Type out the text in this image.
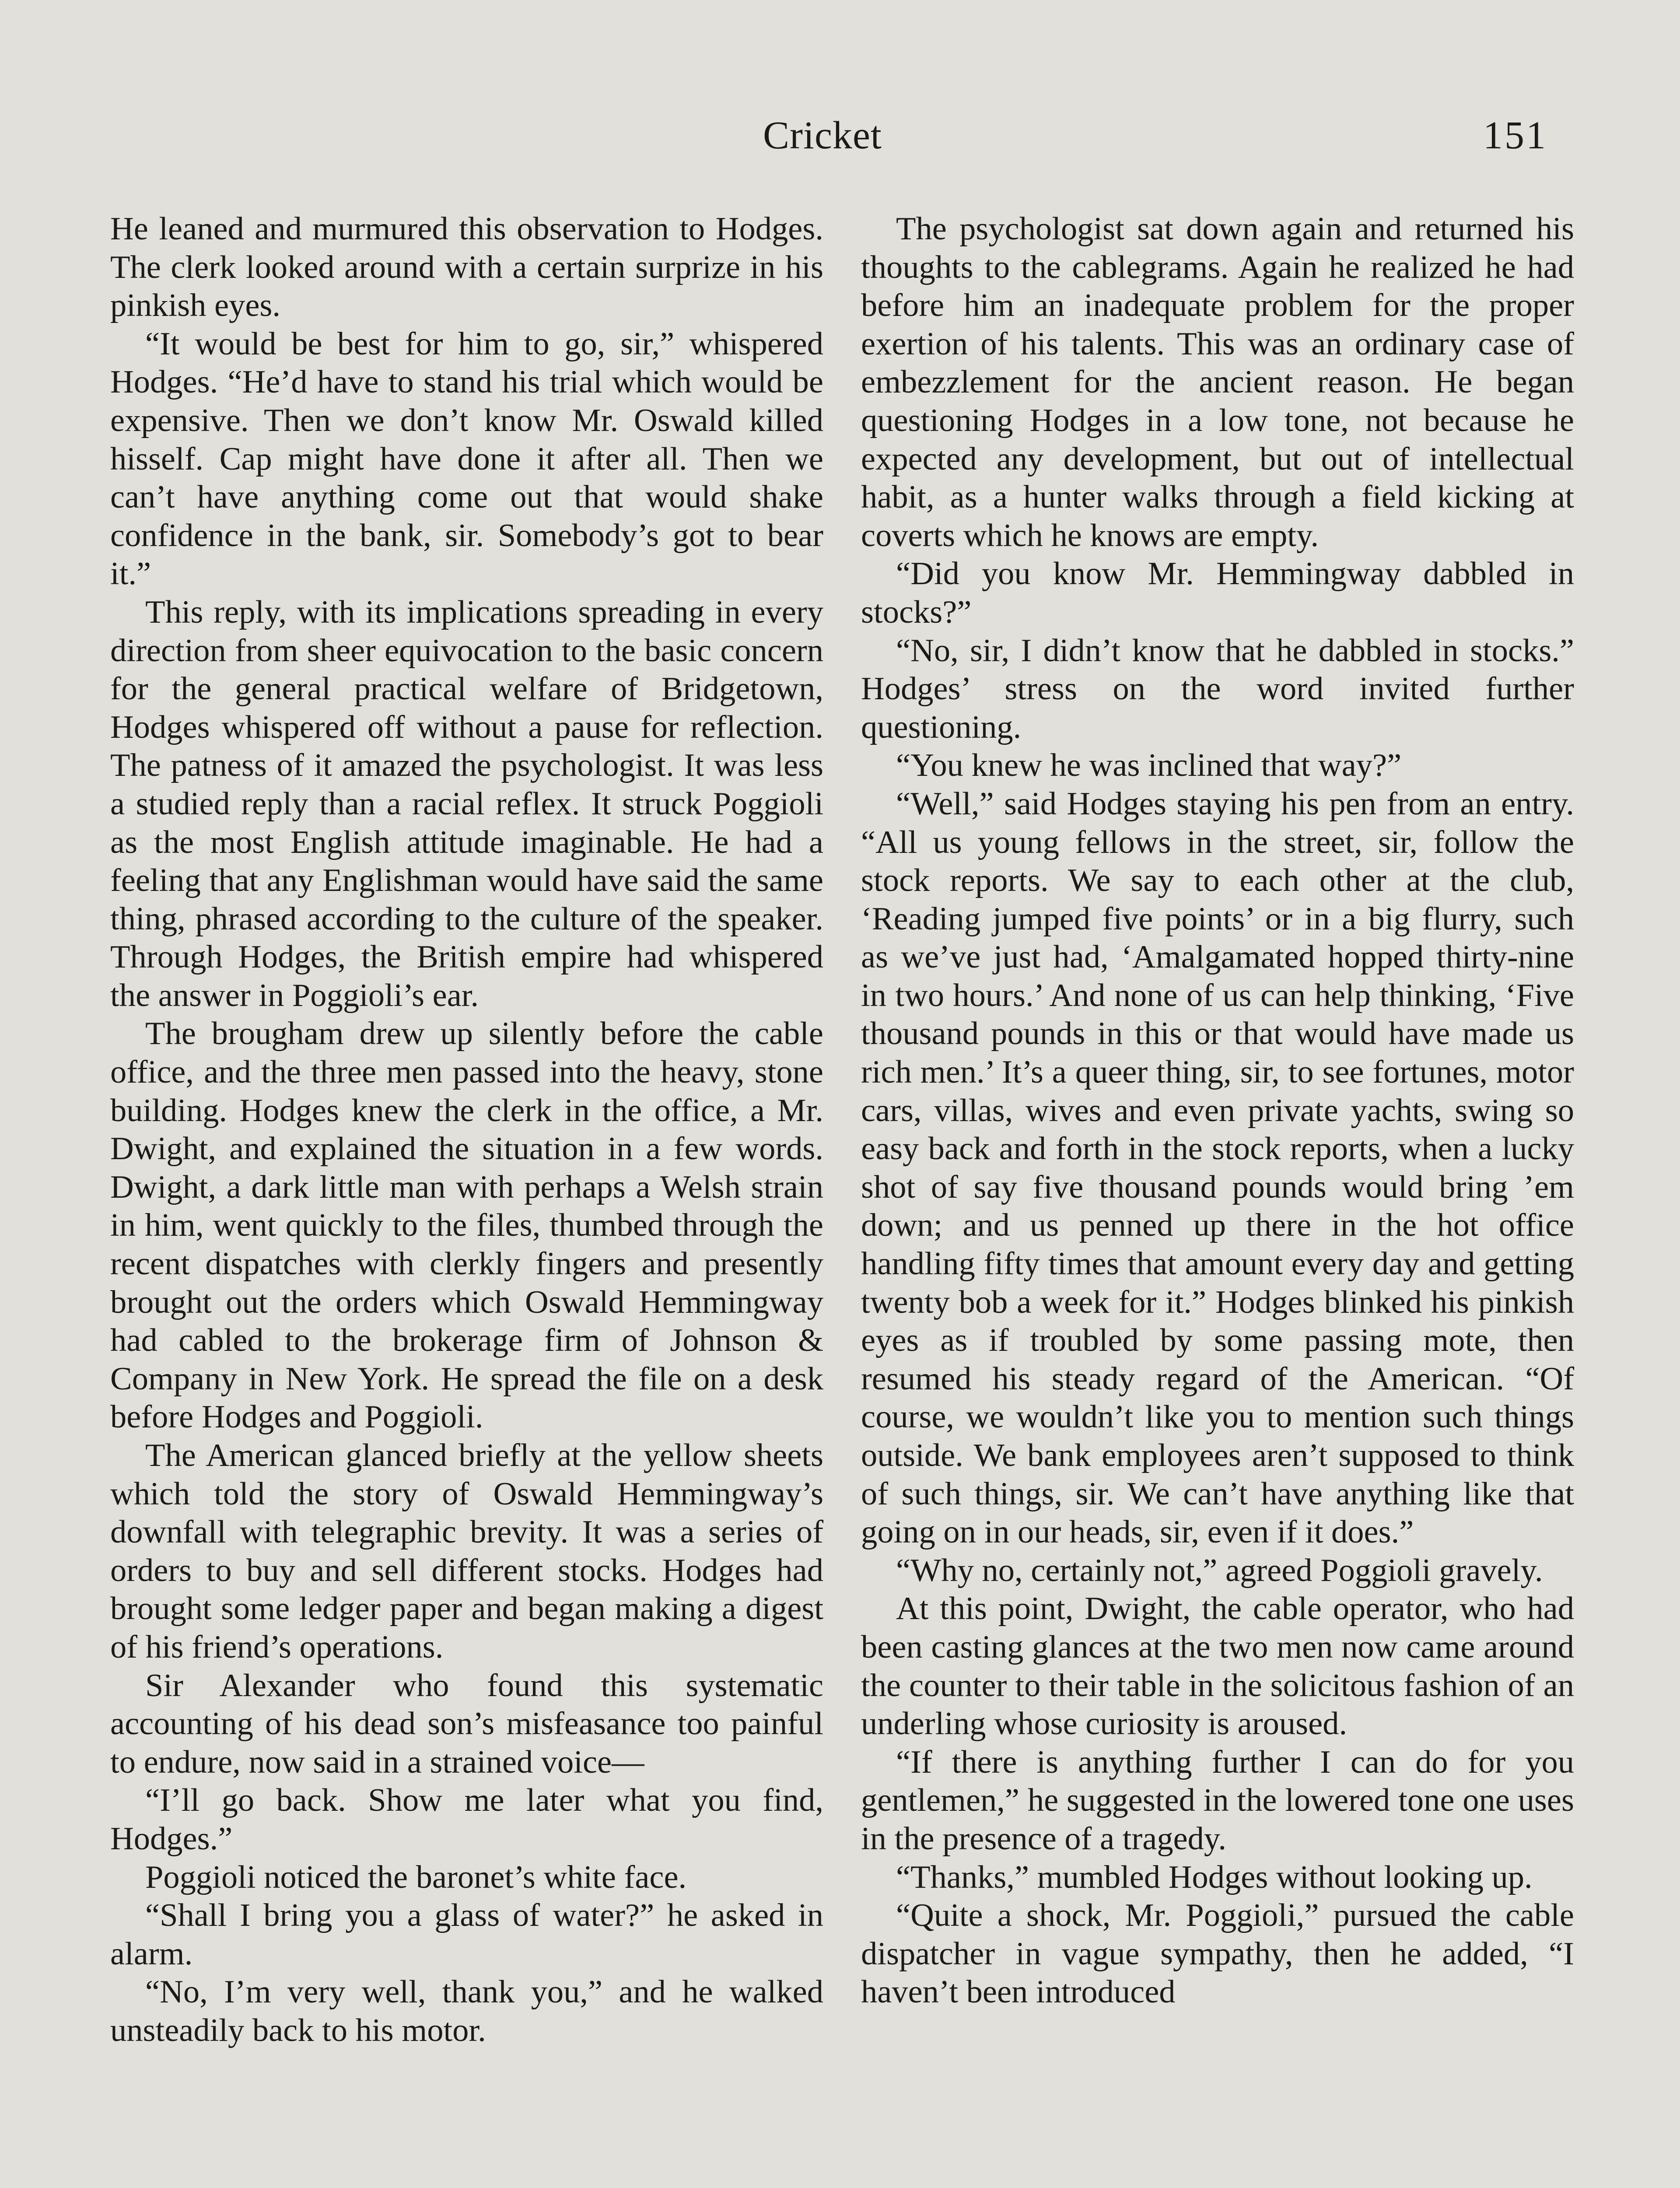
Cricket	151

He leaned and murmured this observation to Hodges. The clerk looked around with a certain surprize in his pinkish eyes.

“It would be best for him to go, sir,” whispered Hodges. “He’d have to stand his trial which would be expensive. Then we don’t know Mr. Oswald killed hisself. Cap might have done it after all. Then we can’t have anything come out that would shake confidence in the bank, sir. Somebody’s got to bear it.”

This reply, with its implications spreading in every direction from sheer equivocation to the basic concern for the general practical welfare of Bridgetown, Hodges whispered off without a pause for reflection. The patness of it amazed the psychologist. It was less a studied reply than a racial reflex. It struck Poggioli as the most English attitude imaginable. He had a feeling that any Englishman would have said the same thing, phrased according to the culture of the speaker. Through Hodges, the British empire had whispered the answer in Poggioli’s ear.

The brougham drew up silently before the cable office, and the three men passed into the heavy, stone building. Hodges knew the clerk in the office, a Mr. Dwight, and explained the situation in a few words. Dwight, a dark little man with perhaps a Welsh strain in him, went quickly to the files, thumbed through the recent dispatches with clerkly fingers and presently brought out the orders which Oswald Hemmingway had cabled to the brokerage firm of Johnson & Company in New York. He spread the file on a desk before Hodges and Poggioli.

The American glanced briefly at the yellow sheets which told the story of Oswald Hemmingway’s downfall with telegraphic brevity. It was a series of orders to buy and sell different stocks. Hodges had brought some ledger paper and began making a digest of his friend’s operations.

Sir Alexander who found this systematic accounting of his dead son’s misfeasance too painful to endure, now said in a strained voice—

“I’ll go back. Show me later what you find, Hodges.”

Poggioli noticed the baronet’s white face.

“Shall I bring you a glass of water?” he asked in alarm.

“No, I’m very well, thank you,” and he walked unsteadily back to his motor.

The psychologist sat down again and returned his thoughts to the cablegrams. Again he realized he had before him an inadequate problem for the proper exertion of his talents. This was an ordinary case of embezzlement for the ancient reason. He began questioning Hodges in a low tone, not because he expected any development, but out of intellectual habit, as a hunter walks through a field kicking at coverts which he knows are empty.

“Did you know Mr. Hemmingway dabbled in stocks?”

“No, sir, I didn’t know that he dabbled in stocks.” Hodges’ stress on the word invited further questioning.

“You knew he was inclined that way?”

“Well,” said Hodges staying his pen from an entry. “All us young fellows in the street, sir, follow the stock reports. We say to each other at the club, ‘Reading jumped five points’ or in a big flurry, such as we’ve just had, ‘Amalgamated hopped thirty-nine in two hours.’ And none of us can help thinking, ‘Five thousand pounds in this or that would have made us rich men.’ It’s a queer thing, sir, to see fortunes, motor cars, villas, wives and even private yachts, swing so easy back and forth in the stock reports, when a lucky shot of say five thousand pounds would bring ’em down; and us penned up there in the hot office handling fifty times that amount every day and getting twenty bob a week for it.” Hodges blinked his pinkish eyes as if troubled by some passing mote, then resumed his steady regard of the American. “Of course, we wouldn’t like you to mention such things outside. We bank employees aren’t supposed to think of such things, sir. We can’t have anything like that going on in our heads, sir, even if it does.”

“Why no, certainly not,” agreed Poggioli gravely.

At this point, Dwight, the cable operator, who had been casting glances at the two men now came around the counter to their table in the solicitous fashion of an underling whose curiosity is aroused.

“If there is anything further I can do for you gentlemen,” he suggested in the lowered tone one uses in the presence of a tragedy.

“Thanks,” mumbled Hodges without looking up.

“Quite a shock, Mr. Poggioli,” pursued the cable dispatcher in vague sympathy, then he added, “I haven’t been introduced
